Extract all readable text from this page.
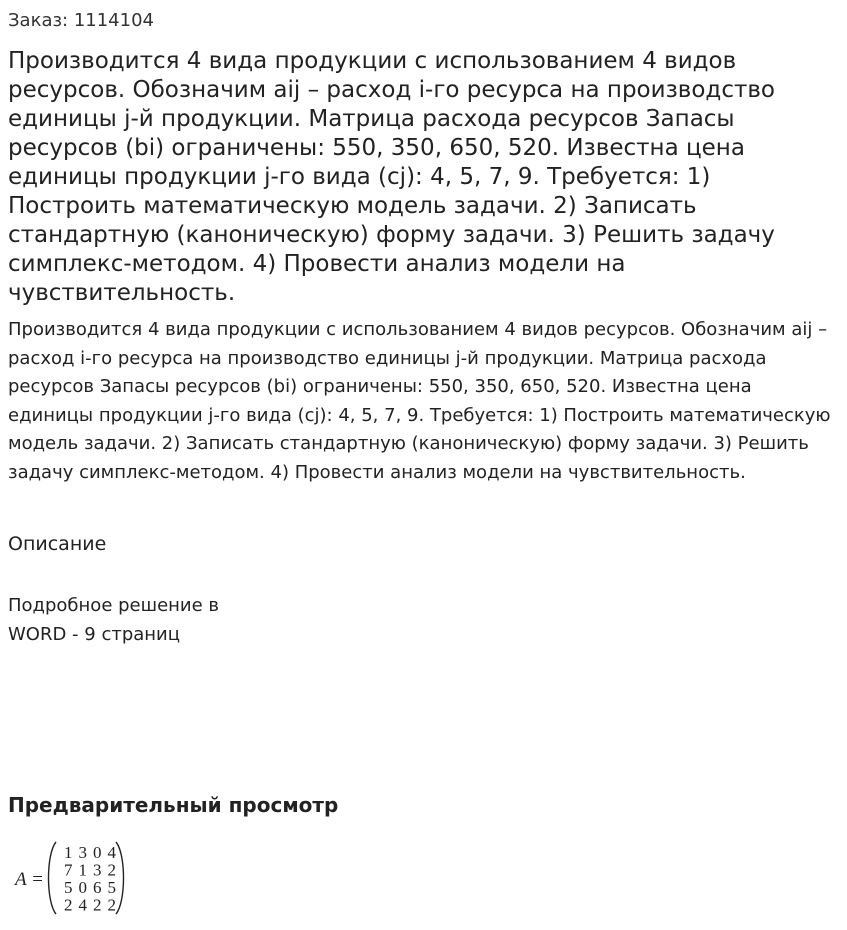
Заказ: 1114104
Производится 4 вида продукции с использованием 4 видов ресурсов. Обозначим aij – расход i-го ресурса на производство единицы j-й продукции. Матрица расхода ресурсов Запасы ресурсов (bi) ограничены: 550, 350, 650, 520. Известна цена единицы продукции j-го вида (cj): 4, 5, 7, 9. Требуется: 1) Построить математическую модель задачи. 2) Записать стандартную (каноническую) форму задачи. 3) Решить задачу симплекс-методом. 4) Провести анализ модели на чувствительность.

Производится 4 вида продукции с использованием 4 видов ресурсов. Обозначим aij – расход i-го ресурса на производство единицы j-й продукции. Матрица расхода ресурсов Запасы ресурсов (bi) ограничены: 550, 350, 650, 520. Известна цена единицы продукции j-го вида (cj): 4, 5, 7, 9. Требуется: 1) Построить математическую модель задачи. 2) Записать стандартную (каноническую) форму задачи. 3) Решить задачу симплекс-методом. 4) Провести анализ модели на чувствительность.

Описание

Подробное решение в WORD - 9 страниц

Предварительный просмотр
A =
1 3 0 4
7 1 3 2
5 0 6 5
2 4 2 2
